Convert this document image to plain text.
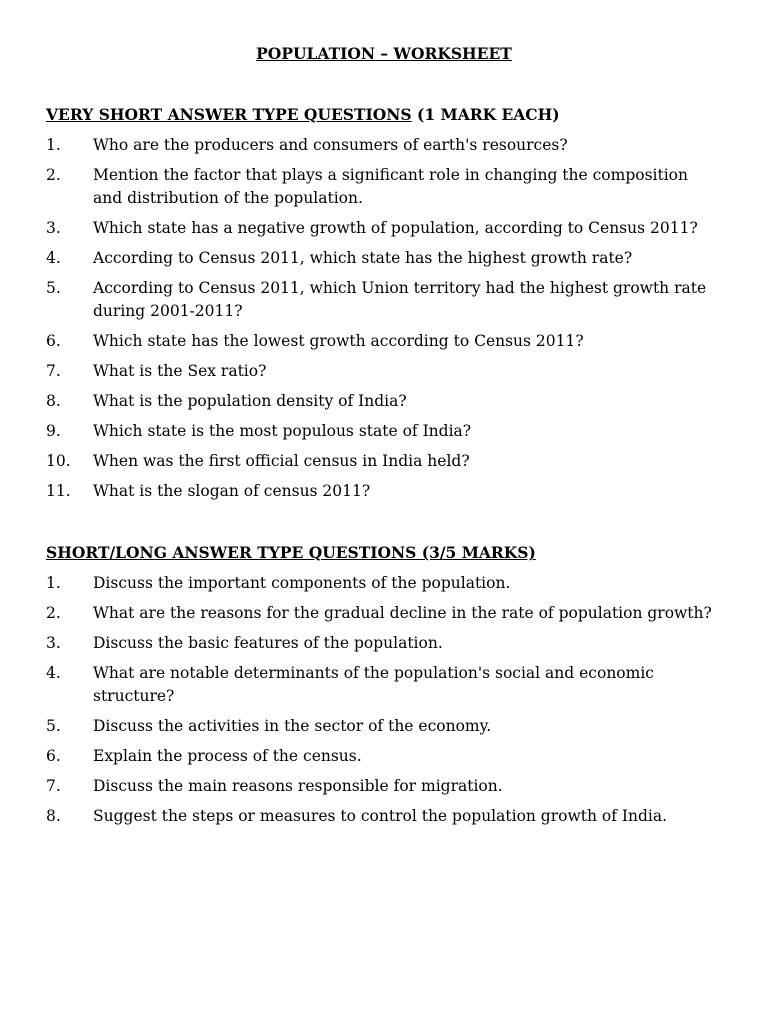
POPULATION – WORKSHEET
VERY SHORT ANSWER TYPE QUESTIONS (1 MARK EACH)
1.	Who are the producers and consumers of earth's resources?
2.	Mention the factor that plays a significant role in changing the composition and distribution of the population.
3.	Which state has a negative growth of population, according to Census 2011?
4.	According to Census 2011, which state has the highest growth rate?
5.	According to Census 2011, which Union territory had the highest growth rate during 2001-2011?
6.	Which state has the lowest growth according to Census 2011?
7.	What is the Sex ratio?
8.	What is the population density of India?
9.	Which state is the most populous state of India?
10.	When was the first official census in India held?
11.	What is the slogan of census 2011?
SHORT/LONG ANSWER TYPE QUESTIONS (3/5 MARKS)
1.	Discuss the important components of the population.
2.	What are the reasons for the gradual decline in the rate of population growth?
3.	Discuss the basic features of the population.
4.	What are notable determinants of the population's social and economic structure?
5.	Discuss the activities in the sector of the economy.
6.	Explain the process of the census.
7.	Discuss the main reasons responsible for migration.
8.	Suggest the steps or measures to control the population growth of India.
